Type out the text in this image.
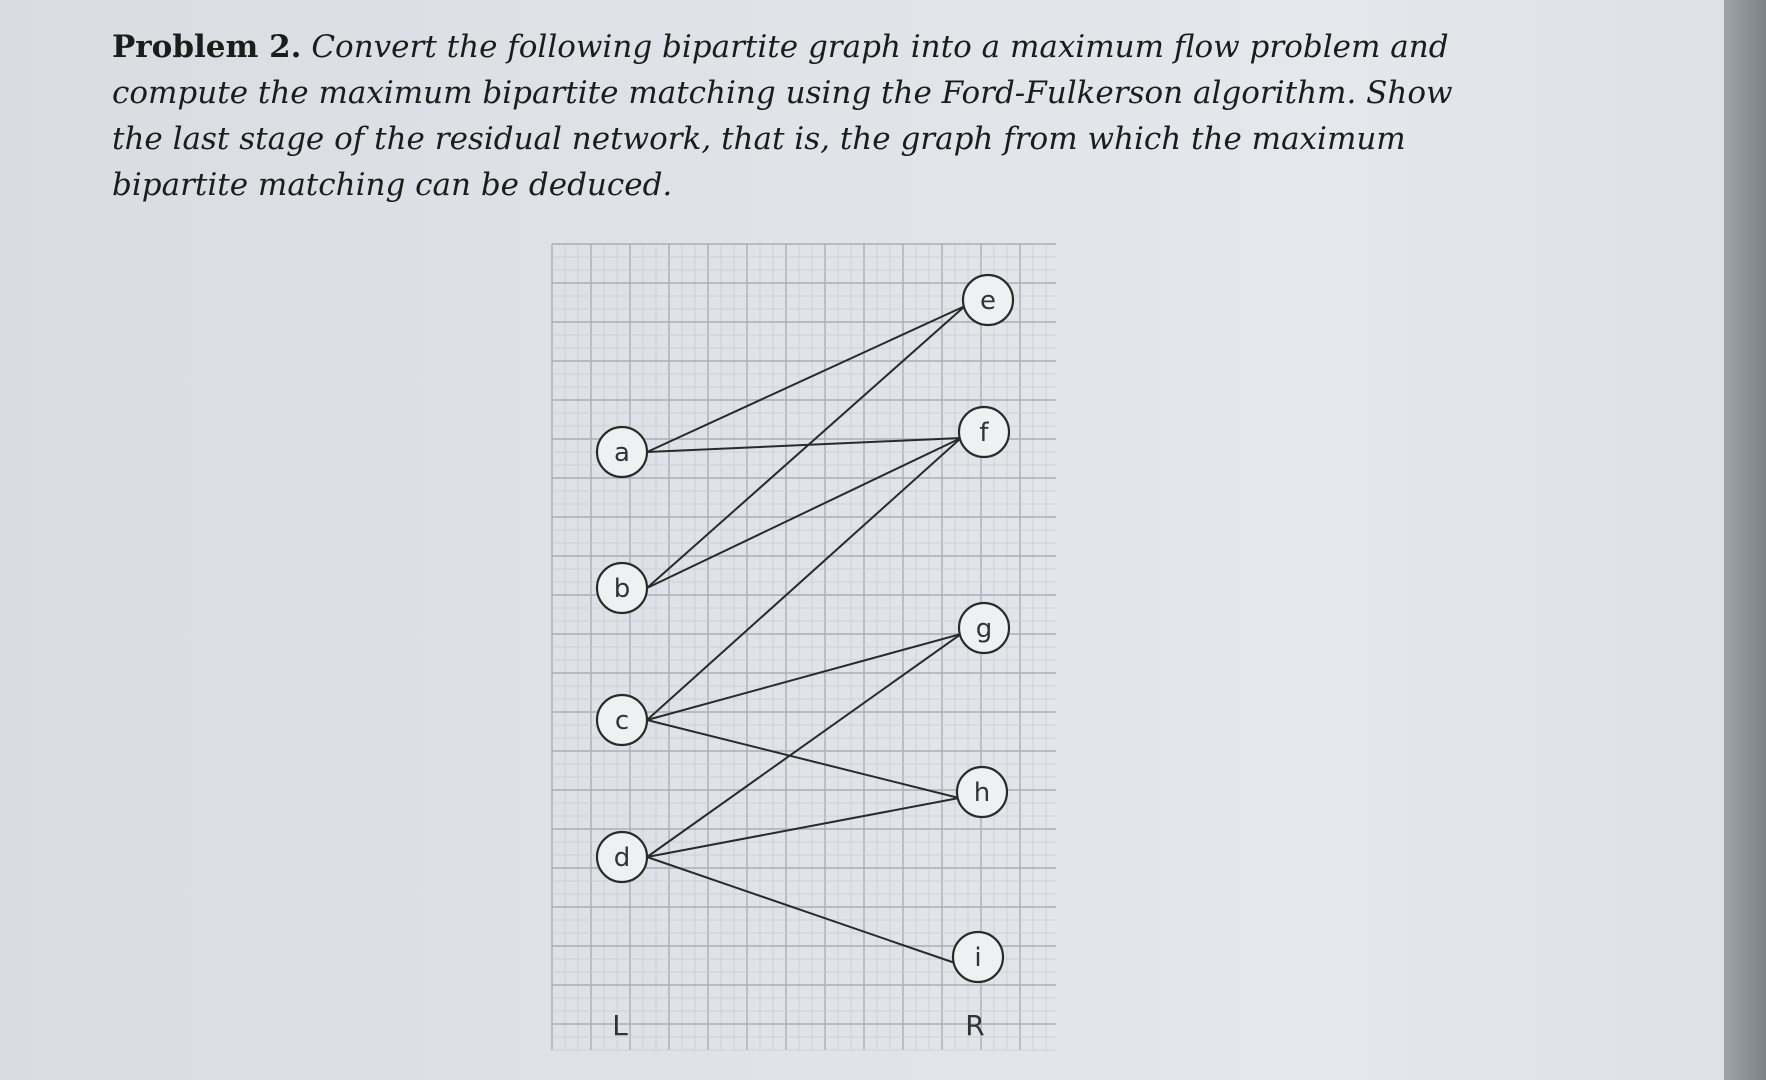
Problem 2. Convert the following bipartite graph into a maximum flow problem and compute the maximum bipartite matching using the Ford-Fulkerson algorithm. Show the last stage of the residual network, that is, the graph from which the maximum bipartite matching can be deduced.
a
b
c
d
e
f
g
h
i
L	R
